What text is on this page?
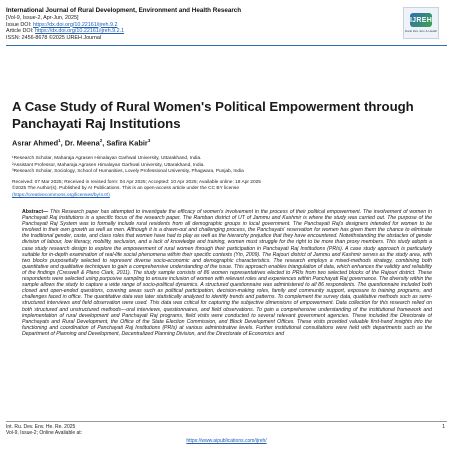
International Journal of Rural Development, Environment and Health Research
[Vol-9, Issue-2, Apr-Jun, 2025]
Issue DOI: https://dx.doi.org/10.22161/ijreh.9.2
Article DOI: https://dx.doi.org/10.22161/ijreh.9.2.1
ISSN: 2456-8678 ©2025 IJREH Journal
IJREH
Rural Dev, Env & Health
A Case Study of Rural Women's Political Empowerment through Panchayati Raj Institutions
Asrar Ahmed$^1$, Dr. Meena$^2$, Safira Kabir$^3$
¹Research Scholar, Maharaja Agrasen Himalayan Garhwal University, Uttarakhand, India.
²Assistant Professor, Maharaja Agrasen Himalayan Garhwal University, Uttarakhand, India.
³Research Scholar, Sociology, School of Humanities, Lovely Professional University, Phagwara, Punjab, India
Received: 07 Mar 2025; Received in revised form: 04 Apr 2025; Accepted: 10 Apr 2025; Available online: 18 Apr 2025
©2025 The Author(s). Published by AI Publications. This is an open-access article under the CC BY license
(https://creativecommons.org/licenses/by/4.0/)
Abstract— This Research paper has attempted to investigate the efficacy of women's involvement in the process of their political empowerment. The involvement of women in Panchayati Raj institutions is a specific focus of the research paper. The Ramban district of UT of Jammu and Kashmir is where the study was carried out. The purpose of the Panchayati Raj System was to formally include rural residents from all demographic groups in local government. The Panchayati Raj's designers intended for women to be involved in their own growth as well as men. Although it is a drawn-out and challenging process, the Panchayats' reservation for women has given them the chance to eliminate the traditional gender, caste, and class roles that women have had to play as well as the hierarchy prejudice that they have encountered. Notwithstanding the obstacles of gender division of labour, low literacy, mobility, seclusion, and a lack of knowledge and training, women must struggle for the right to be more than proxy members. This study adopts a case study research design to explore the empowerment of rural women through their participation in Panchayati Raj Institutions (PRIs). A case study approach is particularly suitable for in-depth examination of real-life social phenomena within their specific contexts (Yin, 2009). The Rajouri district of Jammu and Kashmir serves as the study area, with two blocks purposefully selected to represent diverse socio-economic and demographic characteristics. The research employs a mixed-methods strategy, combining both quantitative and qualitative techniques to gain a comprehensive understanding of the issue. This approach enables triangulation of data, which enhances the validity and reliability of the findings (Creswell & Plano Clark, 2011). The study sample consists of 86 women representatives elected to PRIs from two selected blocks of the Rajouri district. These respondents were selected using purposive sampling to ensure inclusion of women with relevant roles and experiences within Panchayati Raj governance. The diversity within the sample allows the study to capture a wide range of socio-political dynamics. A structured questionnaire was administered to all 86 respondents. The questionnaire included both closed and open-ended questions, covering areas such as political participation, decision-making roles, family and community support, exposure to training programs, and challenges faced in office. The quantitative data was later statistically analyzed to identify trends and patterns. To complement the survey data, qualitative methods such as semi-structured interviews and field observation were used. This data was critical for capturing the subjective dimensions of empowerment. Data collection for this research relied on both structured and unstructured methods—oral interviews, questionnaires, and field observations. To gain a comprehensive understanding of the institutional framework and implementation of rural development and Panchayati Raj programs, field visits were conducted to several relevant government agencies. These included the Directorate of Panchayats and Rural Development, the Office of the State Election Commission, and Block Development Offices. These visits provided valuable first-hand insights into the functioning and coordination of Panchayati Raj Institutions (PRIs) at various administrative levels. Further institutional consultations were held with departments such as the Department of Planning and Development, Decentralized Planning Division, and the Directorate of Economics and
Int. Ru. Dev. Env. He. Re. 2025
Vol-9, Issue-2; Online Available at:
1
https://www.aipublications.com/ijreh/
